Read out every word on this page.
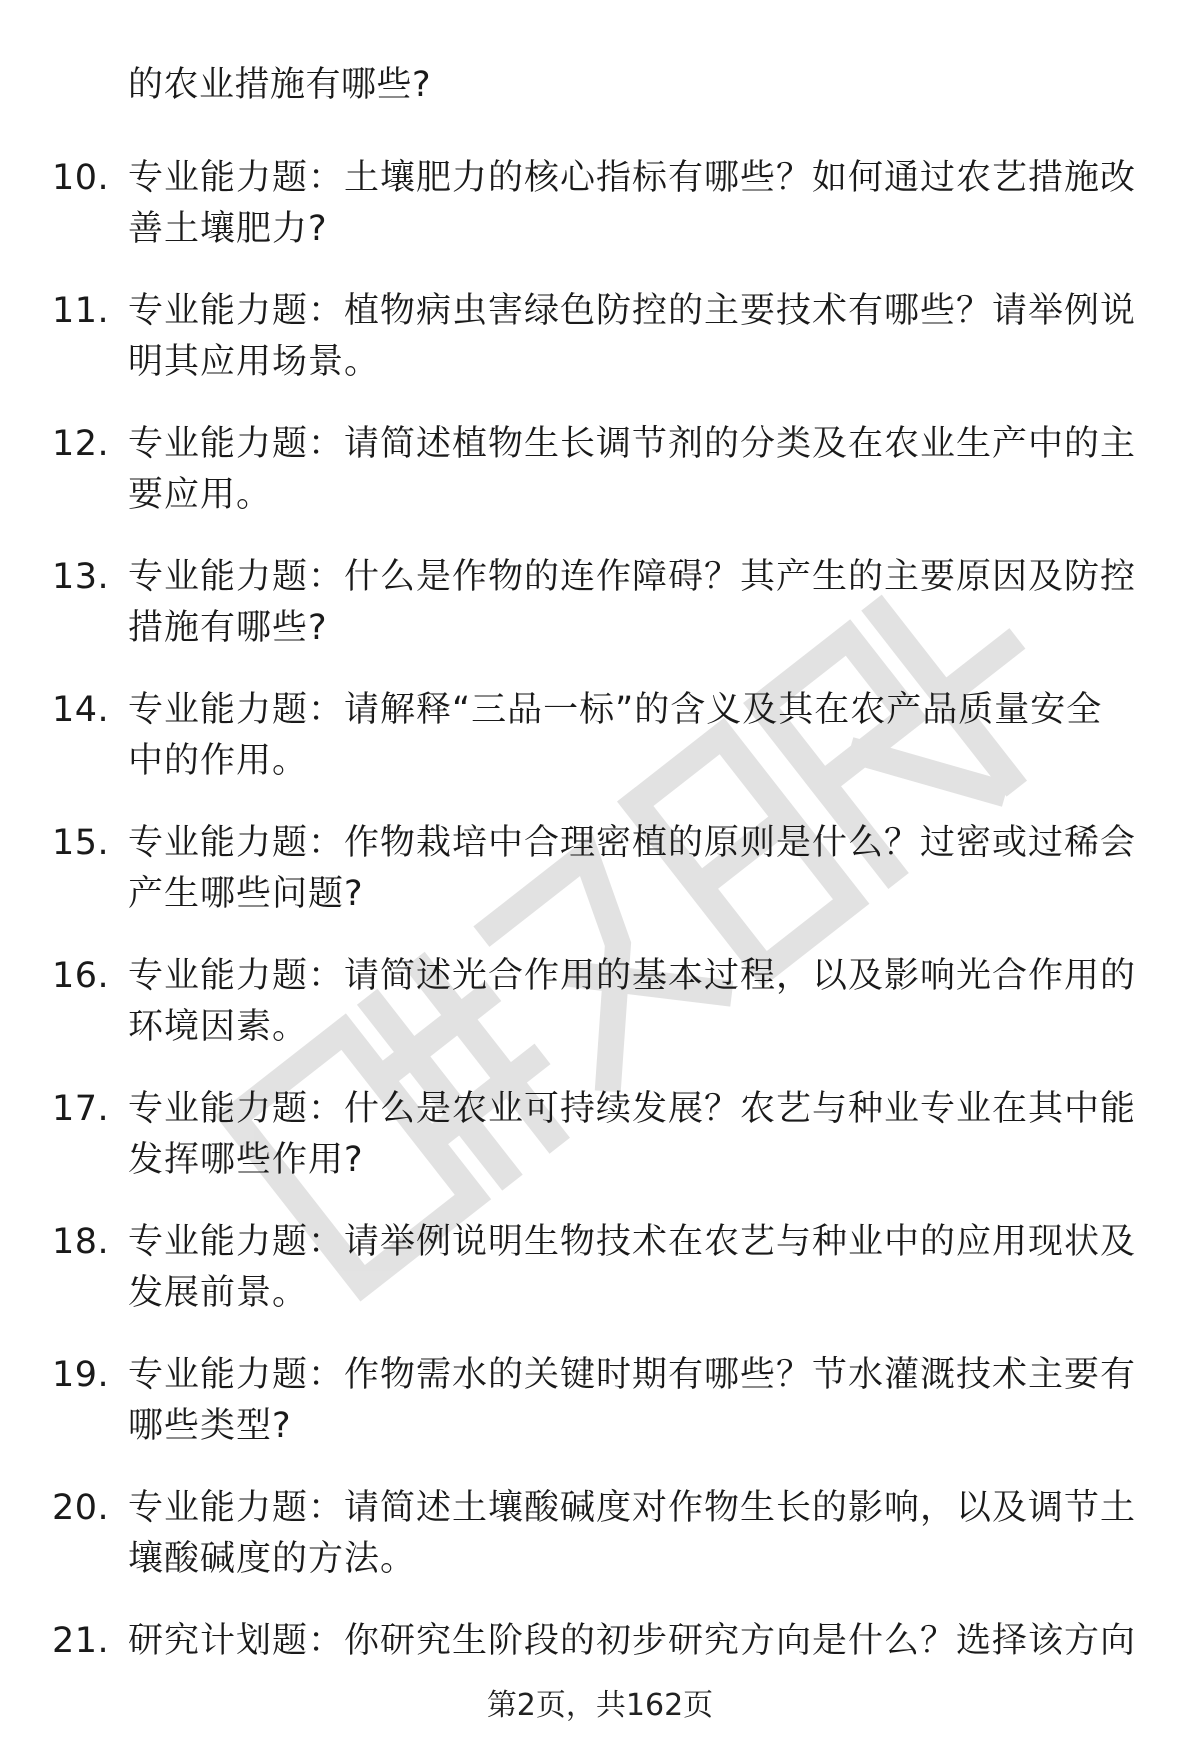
的农业措施有哪些?
10. 专业能力题：土壤肥力的核心指标有哪些？如何通过农艺措施改善土壤肥力?
11. 专业能力题：植物病虫害绿色防控的主要技术有哪些？请举例说明其应用场景。
12. 专业能力题：请简述植物生长调节剂的分类及在农业生产中的主要应用。
13. 专业能力题：什么是作物的连作障碍？其产生的主要原因及防控措施有哪些?
14. 专业能力题：请解释“三品一标”的含义及其在农产品质量安全中的作用。
15. 专业能力题：作物栽培中合理密植的原则是什么？过密或过稀会产生哪些问题?
16. 专业能力题：请简述光合作用的基本过程，以及影响光合作用的环境因素。
17. 专业能力题：什么是农业可持续发展？农艺与种业专业在其中能发挥哪些作用?
18. 专业能力题：请举例说明生物技术在农艺与种业中的应用现状及发展前景。
19. 专业能力题：作物需水的关键时期有哪些？节水灌溉技术主要有哪些类型?
20. 专业能力题：请简述土壤酸碱度对作物生长的影响，以及调节土壤酸碱度的方法。
21. 研究计划题：你研究生阶段的初步研究方向是什么？选择该方向
第2页，共162页
